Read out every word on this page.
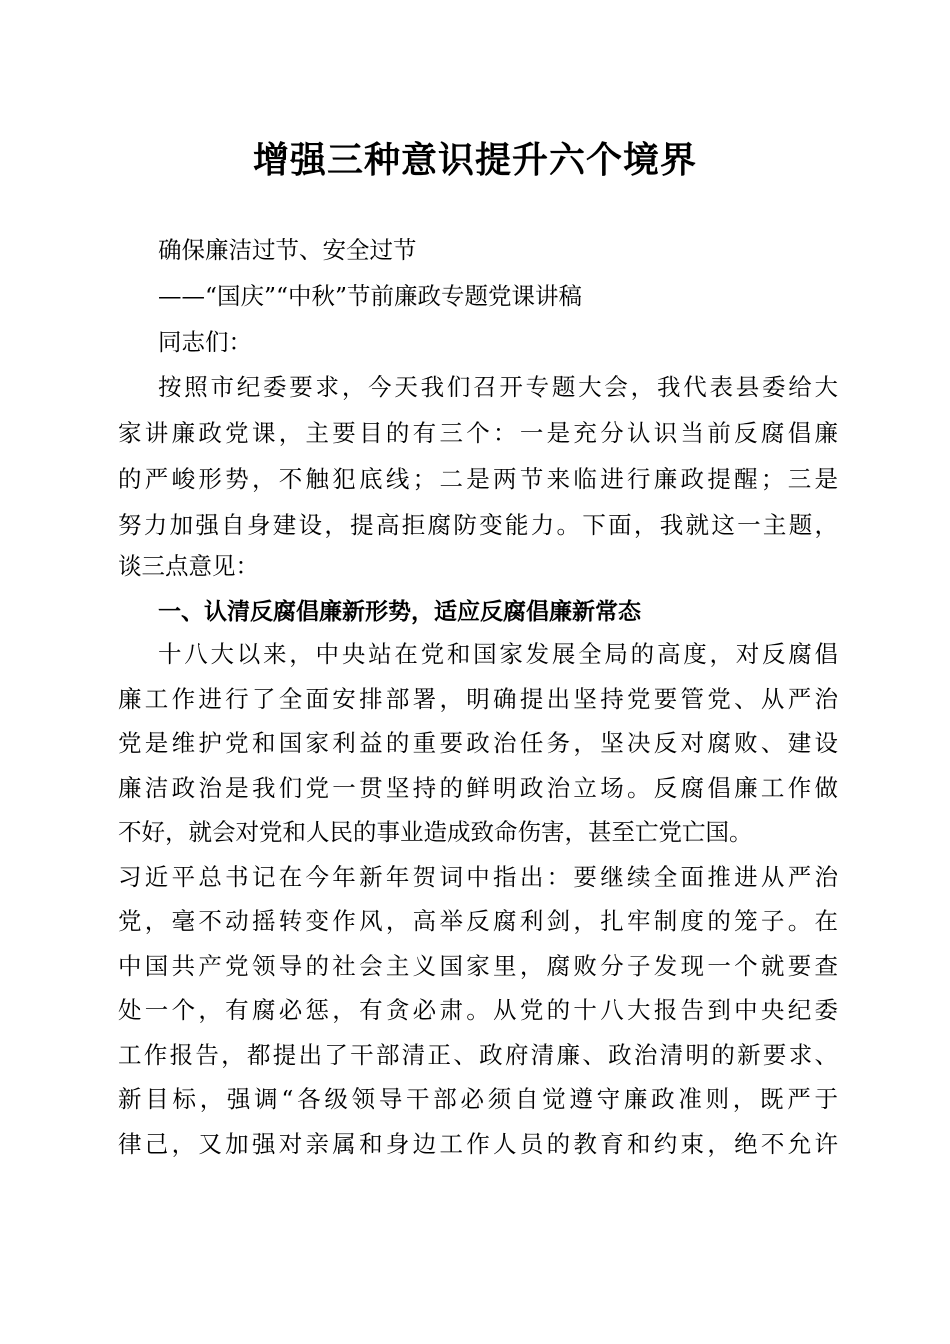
增强三种意识提升六个境界

确保廉洁过节、安全过节

——“国庆”“中秋”节前廉政专题党课讲稿

同志们：

按照市纪委要求，今天我们召开专题大会，我代表县委给大

家讲廉政党课，主要目的有三个：一是充分认识当前反腐倡廉

的严峻形势，不触犯底线；二是两节来临进行廉政提醒；三是

努力加强自身建设，提高拒腐防变能力。下面，我就这一主题，

谈三点意见：

一、认清反腐倡廉新形势，适应反腐倡廉新常态

十八大以来，中央站在党和国家发展全局的高度，对反腐倡

廉工作进行了全面安排部署，明确提出坚持党要管党、从严治

党是维护党和国家利益的重要政治任务，坚决反对腐败、建设

廉洁政治是我们党一贯坚持的鲜明政治立场。反腐倡廉工作做

不好，就会对党和人民的事业造成致命伤害，甚至亡党亡国。

习近平总书记在今年新年贺词中指出：要继续全面推进从严治

党，毫不动摇转变作风，高举反腐利剑，扎牢制度的笼子。在

中国共产党领导的社会主义国家里，腐败分子发现一个就要查

处一个，有腐必惩，有贪必肃。从党的十八大报告到中央纪委

工作报告，都提出了干部清正、政府清廉、政治清明的新要求、

新目标，强调“各级领导干部必须自觉遵守廉政准则，既严于

律己，又加强对亲属和身边工作人员的教育和约束，绝不允许
